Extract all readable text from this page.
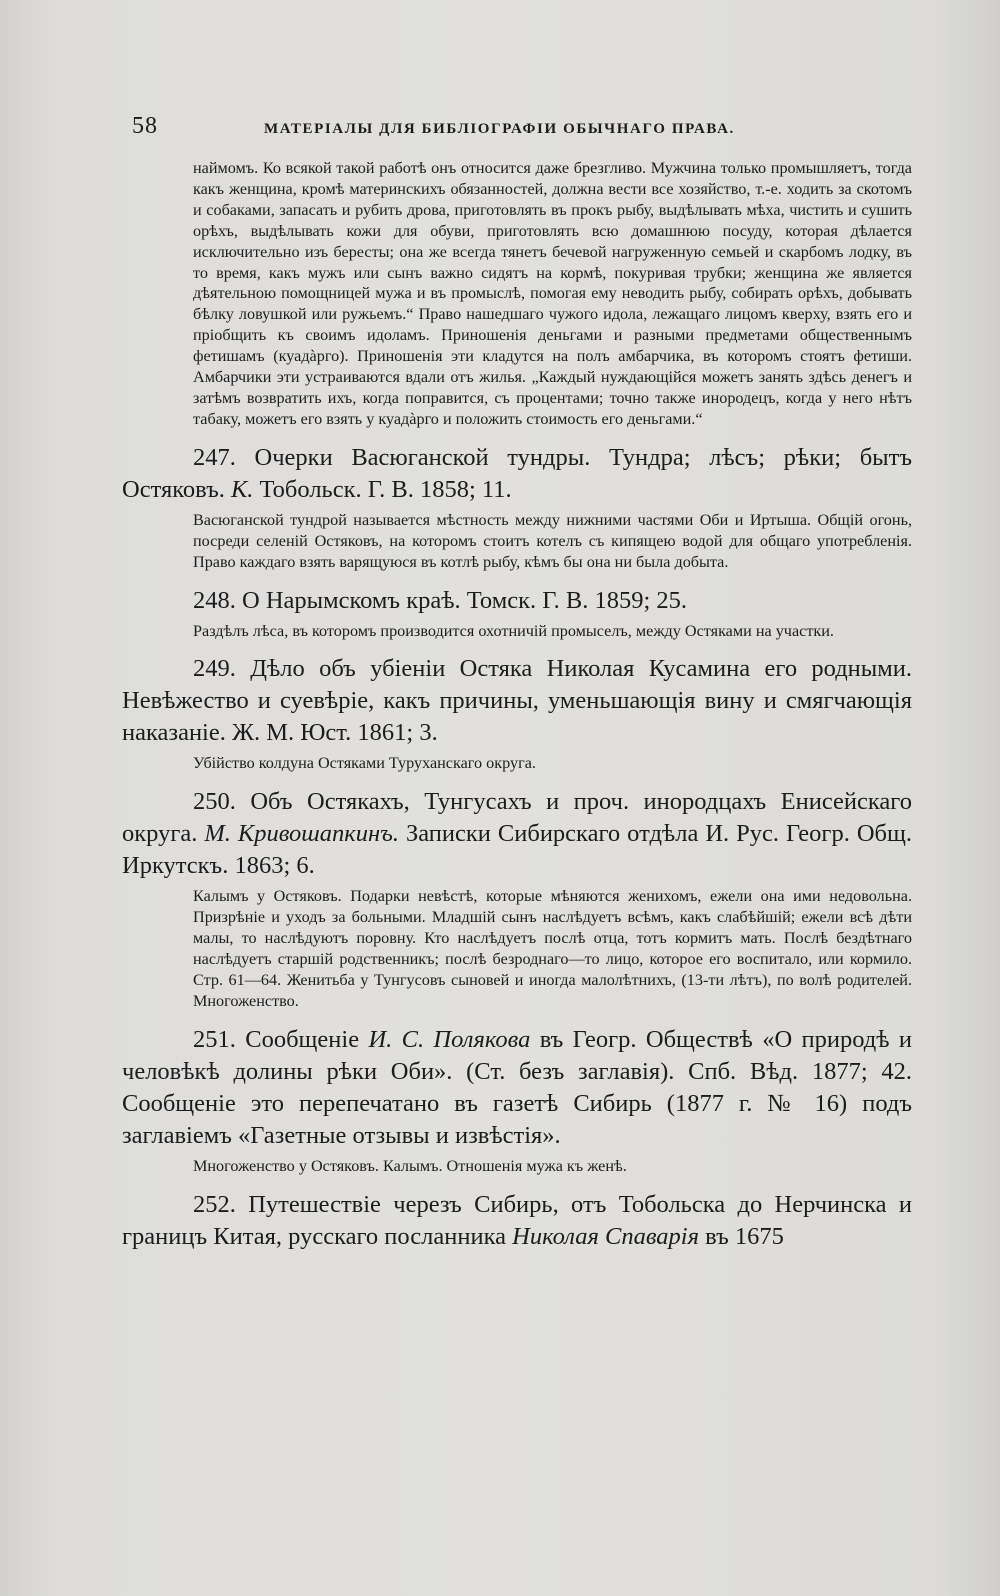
58	МАТЕРIАЛЫ ДЛЯ БИБЛIОГРАФIИ ОБЫЧНАГО ПРАВА.

наймомъ. Ко всякой такой работѣ онъ относится даже брезгливо. Мужчина только промышляетъ, тогда какъ женщина, кромѣ материнскихъ обязанностей, должна вести все хозяйство, т.-е. ходить за скотомъ и собаками, запасать и рубить дрова, приготовлять въ прокъ рыбу, выдѣлывать мѣха, чистить и сушить орѣхъ, выдѣлывать кожи для обуви, приготовлять всю домашнюю посуду, которая дѣлается исключительно изъ бересты; она же всегда тянетъ бечевой нагруженную семьей и скарбомъ лодку, въ то время, какъ мужъ или сынъ важно сидятъ на кормѣ, покуривая трубки; женщина же является дѣятельною помощницей мужа и въ промыслѣ, помогая ему неводить рыбу, собирать орѣхъ, добывать бѣлку ловушкой или ружьемъ.“ Право нашедшаго чужого идола, лежащаго лицомъ кверху, взять его и прiобщить къ своимъ идоламъ. Приношенiя деньгами и разными предметами общественнымъ фетишамъ (куадàрго). Приношенiя эти кладутся на полъ амбарчика, въ которомъ стоятъ фетиши. Амбарчики эти устраиваются вдали отъ жилья. „Каждый нуждающiйся можетъ занять здѣсь денегъ и затѣмъ возвратить ихъ, когда поправится, съ процентами; точно также инородецъ, когда у него нѣтъ табаку, можетъ его взять у куадàрго и положить стоимость его деньгами.“

247. Очерки Васюганской тундры. Тундра; лѣсъ; рѣки; бытъ Остяковъ. К. Тобольск. Г. В. 1858; 11.

Васюганской тундрой называется мѣстность между нижними частями Оби и Иртыша. Общiй огонь, посреди селенiй Остяковъ, на которомъ стоитъ котелъ съ кипящею водой для общаго употребленiя. Право каждаго взять варящуюся въ котлѣ рыбу, кѣмъ бы она ни была добыта.

248. О Нарымскомъ краѣ. Томск. Г. В. 1859; 25.

Раздѣлъ лѣса, въ которомъ производится охотничiй промыселъ, между Остяками на участки.

249. Дѣло объ убiенiи Остяка Николая Кусамина его родными. Невѣжество и суевѣрiе, какъ причины, уменьшающiя вину и смягчающiя наказанiе. Ж. М. Юст. 1861; 3.

Убiйство колдуна Остяками Туруханскаго округа.

250. Объ Остякахъ, Тунгусахъ и проч. инородцахъ Енисейскаго округа. М. Кривошапкинъ. Записки Сибирскаго отдѣла И. Рус. Геогр. Общ. Иркутскъ. 1863; 6.

Калымъ у Остяковъ. Подарки невѣстѣ, которые мѣняются женихомъ, ежели она ими недовольна. Призрѣнiе и уходъ за больными. Младшiй сынъ наслѣдуетъ всѣмъ, какъ слабѣйшiй; ежели всѣ дѣти малы, то наслѣдуютъ поровну. Кто наслѣдуетъ послѣ отца, тотъ кормитъ мать. Послѣ бездѣтнаго наслѣдуетъ старшiй родственникъ; послѣ безроднаго—то лицо, которое его воспитало, или кормило. Стр. 61—64. Женитьба у Тунгусовъ сыновей и иногда малолѣтнихъ, (13-ти лѣтъ), по волѣ родителей. Многоженство.

251. Сообщенiе И. С. Полякова въ Геогр. Обществѣ «О природѣ и человѣкѣ долины рѣки Оби». (Ст. безъ заглавiя). Спб. Вѣд. 1877; 42. Сообщенiе это перепечатано въ газетѣ Сибирь (1877 г. № 16) подъ заглавiемъ «Газетные отзывы и извѣстiя».

Многоженство у Остяковъ. Калымъ. Отношенiя мужа къ женѣ.

252. Путешествiе черезъ Сибирь, отъ Тобольска до Нерчинска и границъ Китая, русскаго посланника Николая Спаварiя въ 1675
